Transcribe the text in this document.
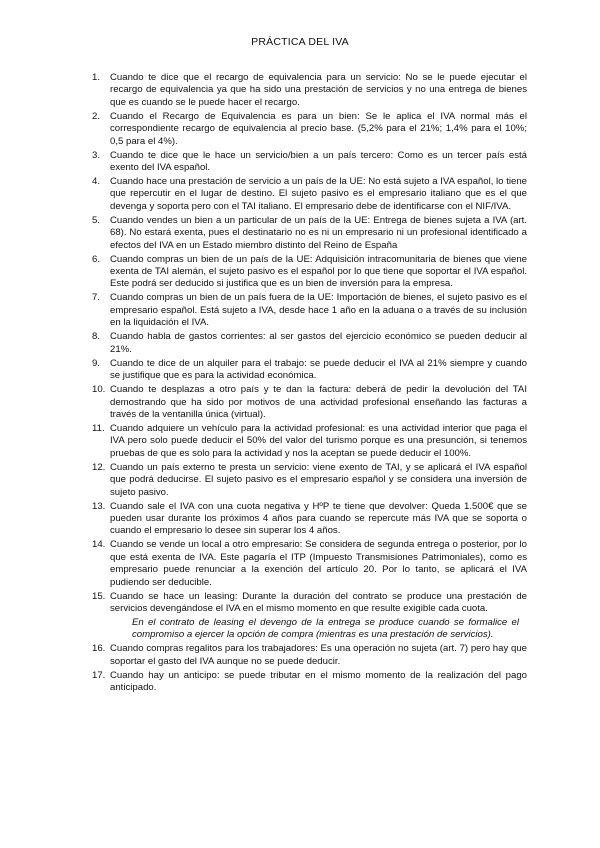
PRÁCTICA DEL IVA
1.	Cuando te dice que el recargo de equivalencia para un servicio: No se le puede ejecutar el recargo de equivalencia ya que ha sido una prestación de servicios y no una entrega de bienes que es cuando se le puede hacer el recargo.
2.	Cuando el Recargo de Equivalencia es para un bien: Se le aplica el IVA normal más el correspondiente recargo de equivalencia al precio base. (5,2% para el 21%; 1,4% para el 10%; 0,5 para el 4%).
3.	Cuando te dice que le hace un servicio/bien a un país tercero: Como es un tercer país está exento del IVA español.
4.	Cuando hace una prestación de servicio a un país de la UE: No está sujeto a IVA español, lo tiene que repercutir en el lugar de destino. El sujeto pasivo es el empresario italiano que es el que devenga y soporta pero con el TAI italiano. El empresario debe de identificarse con el NIF/IVA.
5.	Cuando vendes un bien a un particular de un país de la UE: Entrega de bienes sujeta a IVA (art. 68). No estará exenta, pues el destinatario no es ni un empresario ni un profesional identificado a efectos del IVA en un Estado miembro distinto del Reino de España
6.	Cuando compras un bien de un país de la UE: Adquisición intracomunitaria de bienes que viene exenta de TAI alemán, el sujeto pasivo es el español por lo que tiene que soportar el IVA español. Este podrá ser deducido si justifica que es un bien de inversión para la empresa.
7.	Cuando compras un bien de un país fuera de la UE: Importación de bienes, el sujeto pasivo es el empresario español. Está sujeto a IVA, desde hace 1 año en la aduana o a través de su inclusión en la liquidación el IVA.
8.	Cuando habla de gastos corrientes: al ser gastos del ejercicio económico se pueden deducir al 21%.
9.	Cuando te dice de un alquiler para el trabajo: se puede deducir el IVA al 21% siempre y cuando se justifique que es para la actividad económica.
10. Cuando te desplazas a otro país y te dan la factura: deberá de pedir la devolución del TAI demostrando que ha sido por motivos de una actividad profesional enseñando las facturas a través de la ventanilla única (virtual).
11. Cuando adquiere un vehículo para la actividad profesional: es una actividad interior que paga el IVA pero solo puede deducir el 50% del valor del turismo porque es una presunción, si tenemos pruebas de que es solo para la actividad y nos la aceptan se puede deducir el 100%.
12. Cuando un país externo te presta un servicio: viene exento de TAI, y se aplicará el IVA español que podrá deducirse. El sujeto pasivo es el empresario español y se considera una inversión de sujeto pasivo.
13. Cuando sale el IVA con una cuota negativa y HºP te tiene que devolver: Queda 1.500€ que se pueden usar durante los próximos 4 años para cuando se repercute más IVA que se soporta o cuando el empresario lo desee sin superar los 4 años.
14. Cuando se vende un local a otro empresario: Se considera de segunda entrega o posterior, por lo que está exenta de IVA. Este pagaría el ITP (Impuesto Transmisiones Patrimoniales), como es empresario puede renunciar a la exención del artículo 20. Por lo tanto, se aplicará el IVA pudiendo ser deducible.
15. Cuando se hace un leasing: Durante la duración del contrato se produce una prestación de servicios devengándose el IVA en el mismo momento en que resulte exigible cada cuota.
En el contrato de leasing el devengo de la entrega se produce cuando se formalice el compromiso a ejercer la opción de compra (mientras es una prestación de servicios).
16. Cuando compras regalitos para los trabajadores: Es una operación no sujeta (art. 7) pero hay que soportar el gasto del IVA aunque no se puede deducir.
17. Cuando hay un anticipo: se puede tributar en el mismo momento de la realización del pago anticipado.
